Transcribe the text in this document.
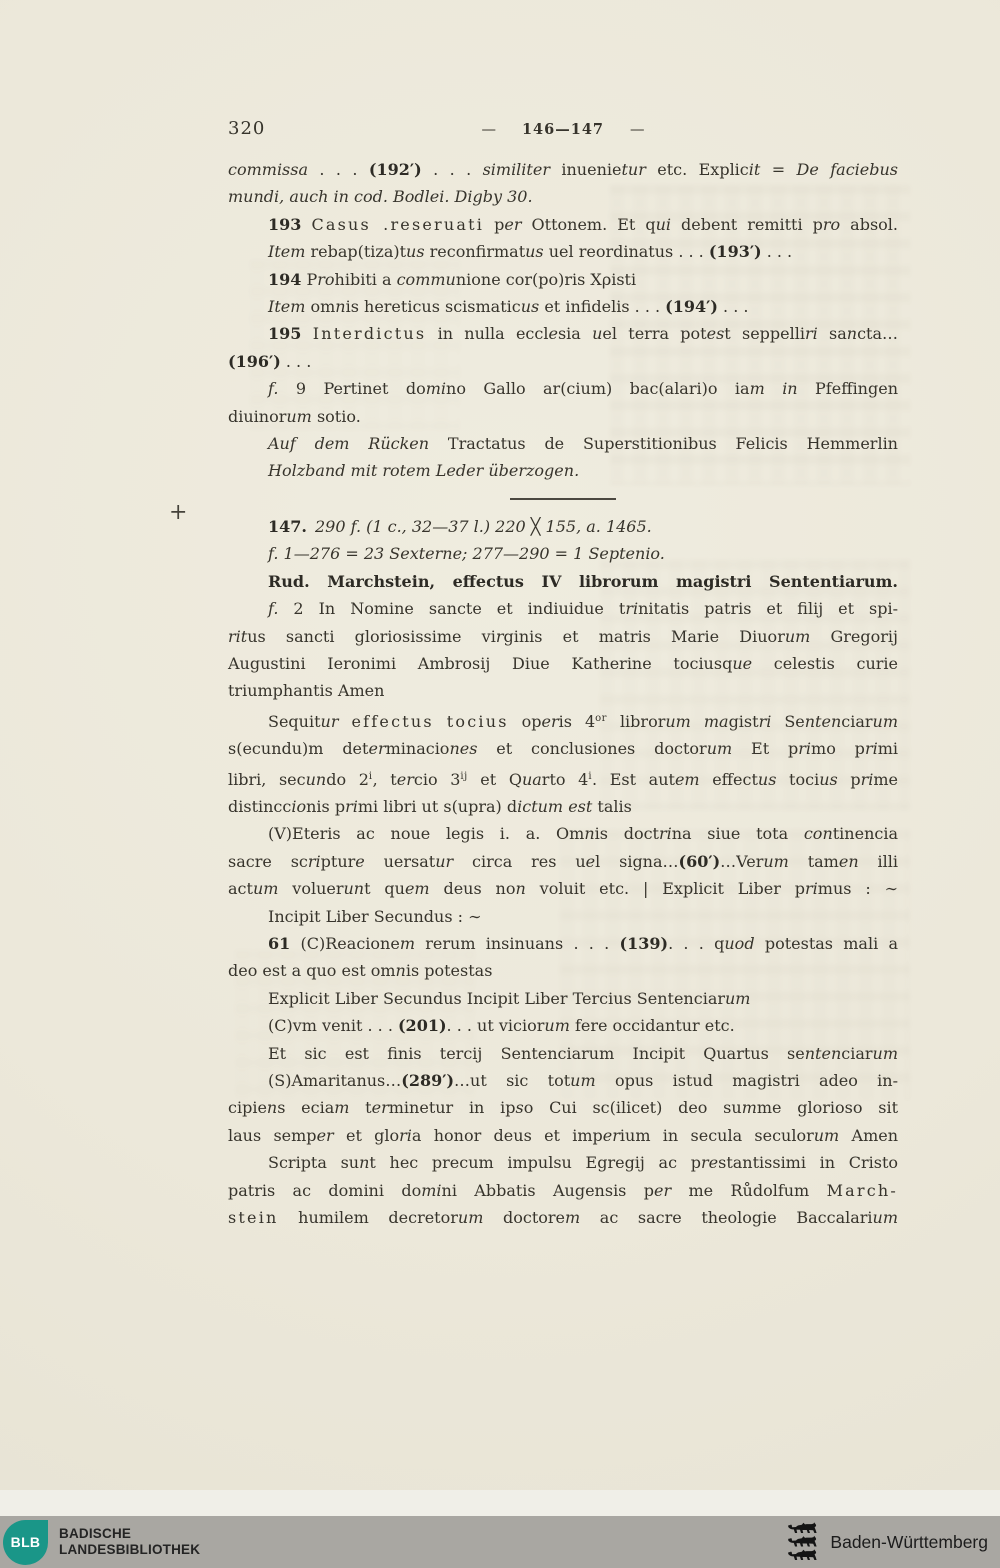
320	— 146—147 —
+
commissa . . . (192′) . . . similiter inuenietur etc. Explicit = De faciebus
mundi, auch in cod. Bodlei. Digby 30.
193 Casus .reseruati per Ottonem. Et qui debent remitti pro absol.
Item rebap(tiza)tus reconfirmatus uel reordinatus . . . (193′) . . .
194 Prohibiti a communione cor(po)ris Xρisti
Item omnis hereticus scismaticus et infidelis . . . (194′) . . .
195 Interdictus in nulla ecclesia uel terra potest seppelliri sancta…
(196′) . . .
f. 9 Pertinet domino Gallo ar(cium) bac(alari)o iam in Pfeffingen
diuinorum sotio.
Auf dem Rücken Tractatus de Superstitionibus Felicis Hemmerlin
Holzband mit rotem Leder überzogen.
147.  290 f. (1 c., 32—37 l.) 220 ╳ 155, a. 1465.
f. 1—276 = 23 Sexterne; 277—290 = 1 Septenio.
Rud. Marchstein, effectus IV librorum magistri Sententiarum.
f. 2 In Nomine sancte et indiuidue trinitatis patris et filij et spi-
ritus sancti gloriosissime virginis et matris Marie Diuorum Gregorij
Augustini Ieronimi Ambrosij Diue Katherine tociusque celestis curie
triumphantis Amen
Sequitur effectus tocius operis $4^{or}$ librorum magistri Sentenciarum
s(ecundu)m determinaciones et conclusiones doctorum Et primo primi
libri, secundo 2$^i$, tercio $3^{ij}$ et Quarto 4$^i$. Est autem effectus tocius prime
distinccionis primi libri ut s(upra) dictum est talis
(V)Eteris ac noue legis i. a. Omnis doctrina siue tota continencia
sacre scripture uersatur circa res uel signa…(60′)…Verum tamen illi
actum voluerunt quem deus non voluit etc. | Explicit Liber primus : ∼
Incipit Liber Secundus : ∼
61 (C)Reacionem rerum insinuans . . . (139). . . quod potestas mali a
deo est a quo est omnis potestas
Explicit Liber Secundus Incipit Liber Tercius Sentenciarum
(C)vm venit . . . (201). . . ut viciorum fere occidantur etc.
Et sic est finis tercij Sentenciarum Incipit Quartus sentenciarum
(S)Amaritanus…(289′)…ut sic totum opus istud magistri adeo in-
cipiens eciam terminetur in ipso Cui sc(ilicet) deo summe glorioso sit
laus semper et gloria honor deus et imperium in secula seculorum Amen
Scripta sunt hec precum impulsu Egregij ac prestantissimi in Cristo
patris ac domini domini Abbatis Augensis per me Růdolfum March-
stein humilem decretorum doctorem ac sacre theologie Baccalarium
BLB
BADISCHE
LANDESBIBLIOTHEK	Baden-Württemberg
